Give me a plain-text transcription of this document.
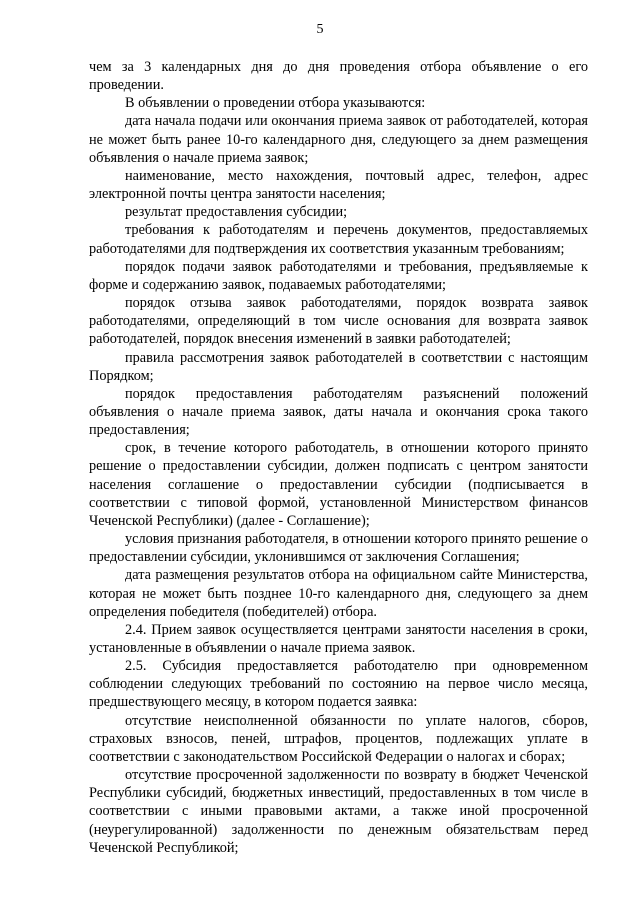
5

чем за 3 календарных дня до дня проведения отбора объявление о его проведении.

В объявлении о проведении отбора указываются:

дата начала подачи или окончания приема заявок от работодателей, которая не может быть ранее 10-го календарного дня, следующего за днем размещения объявления о начале приема заявок;

наименование, место нахождения, почтовый адрес, телефон, адрес электронной почты центра занятости населения;

результат предоставления субсидии;

требования к работодателям и перечень документов, предоставляемых работодателями для подтверждения их соответствия указанным требованиям;

порядок подачи заявок работодателями и требования, предъявляемые к форме и содержанию заявок, подаваемых работодателями;

порядок отзыва заявок работодателями, порядок возврата заявок работодателями, определяющий в том числе основания для возврата заявок работодателей, порядок внесения изменений в заявки работодателей;

правила рассмотрения заявок работодателей в соответствии с настоящим Порядком;

порядок предоставления работодателям разъяснений положений объявления о начале приема заявок, даты начала и окончания срока такого предоставления;

срок, в течение которого работодатель, в отношении которого принято решение о предоставлении субсидии, должен подписать с центром занятости населения соглашение о предоставлении субсидии (подписывается в соответствии с типовой формой, установленной Министерством финансов Чеченской Республики) (далее - Соглашение);

условия признания работодателя, в отношении которого принято решение о предоставлении субсидии, уклонившимся от заключения Соглашения;

дата размещения результатов отбора на официальном сайте Министерства, которая не может быть позднее 10-го календарного дня, следующего за днем определения победителя (победителей) отбора.

2.4. Прием заявок осуществляется центрами занятости населения в сроки, установленные в объявлении о начале приема заявок.

2.5. Субсидия предоставляется работодателю при одновременном соблюдении следующих требований по состоянию на первое число месяца, предшествующего месяцу, в котором подается заявка:

отсутствие неисполненной обязанности по уплате налогов, сборов, страховых взносов, пеней, штрафов, процентов, подлежащих уплате в соответствии с законодательством Российской Федерации о налогах и сборах;

отсутствие просроченной задолженности по возврату в бюджет Чеченской Республики субсидий, бюджетных инвестиций, предоставленных в том числе в соответствии с иными правовыми актами, а также иной просроченной (неурегулированной) задолженности по денежным обязательствам перед Чеченской Республикой;
